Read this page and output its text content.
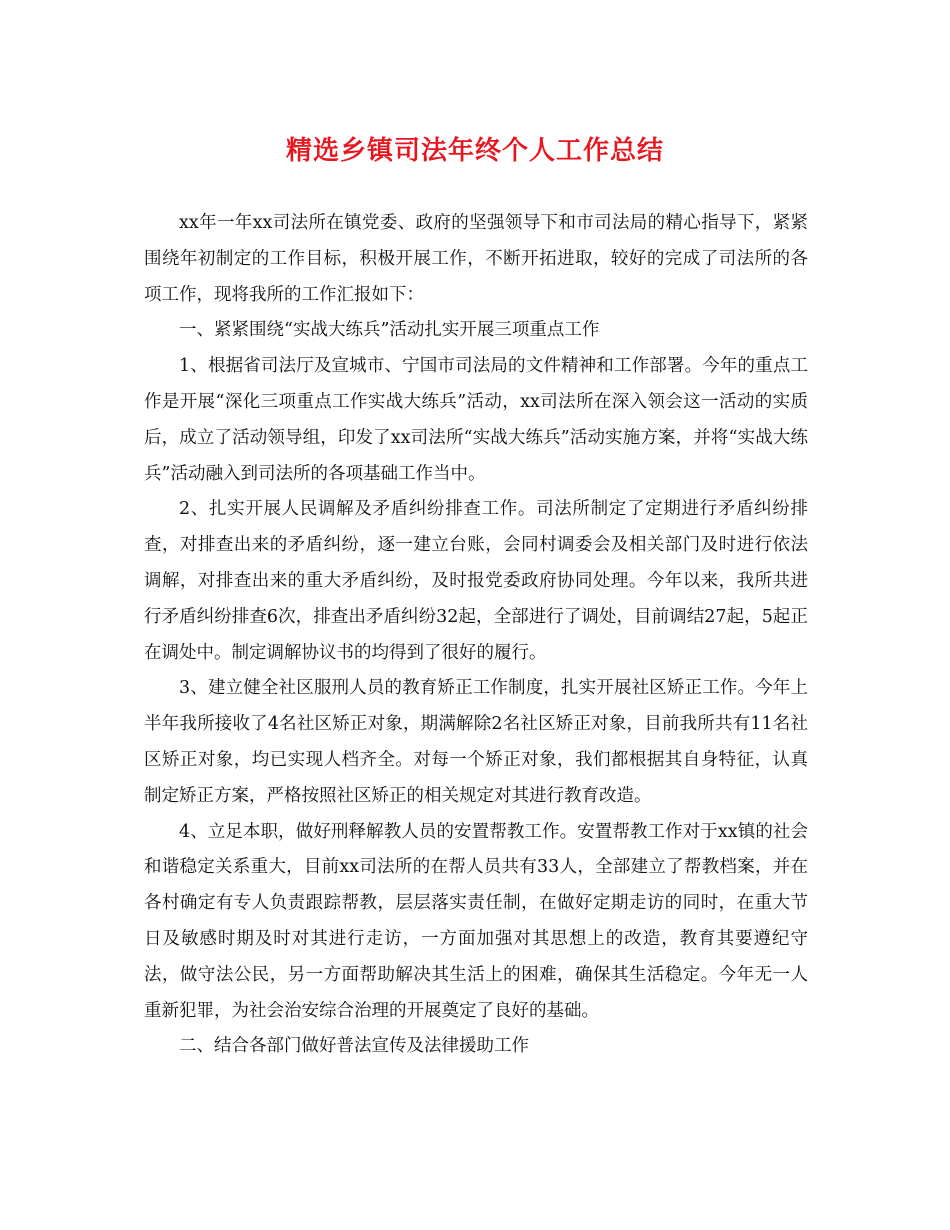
精选乡镇司法年终个人工作总结

xx年一年xx司法所在镇党委、政府的坚强领导下和市司法局的精心指导下，紧紧围绕年初制定的工作目标，积极开展工作，不断开拓进取，较好的完成了司法所的各项工作，现将我所的工作汇报如下：

一、紧紧围绕“实战大练兵”活动扎实开展三项重点工作

1、根据省司法厅及宣城市、宁国市司法局的文件精神和工作部署。今年的重点工作是开展“深化三项重点工作实战大练兵”活动，xx司法所在深入领会这一活动的实质后，成立了活动领导组，印发了xx司法所“实战大练兵”活动实施方案，并将“实战大练兵”活动融入到司法所的各项基础工作当中。

2、扎实开展人民调解及矛盾纠纷排查工作。司法所制定了定期进行矛盾纠纷排查，对排查出来的矛盾纠纷，逐一建立台账，会同村调委会及相关部门及时进行依法调解，对排查出来的重大矛盾纠纷，及时报党委政府协同处理。今年以来，我所共进行矛盾纠纷排查6次，排查出矛盾纠纷32起，全部进行了调处，目前调结27起，5起正在调处中。制定调解协议书的均得到了很好的履行。

3、建立健全社区服刑人员的教育矫正工作制度，扎实开展社区矫正工作。今年上半年我所接收了4名社区矫正对象，期满解除2名社区矫正对象，目前我所共有11名社区矫正对象，均已实现人档齐全。对每一个矫正对象，我们都根据其自身特征，认真制定矫正方案，严格按照社区矫正的相关规定对其进行教育改造。

4、立足本职，做好刑释解教人员的安置帮教工作。安置帮教工作对于xx镇的社会和谐稳定关系重大，目前xx司法所的在帮人员共有33人，全部建立了帮教档案，并在各村确定有专人负责跟踪帮教，层层落实责任制，在做好定期走访的同时，在重大节日及敏感时期及时对其进行走访，一方面加强对其思想上的改造，教育其要遵纪守法，做守法公民，另一方面帮助解决其生活上的困难，确保其生活稳定。今年无一人重新犯罪，为社会治安综合治理的开展奠定了良好的基础。

二、结合各部门做好普法宣传及法律援助工作
